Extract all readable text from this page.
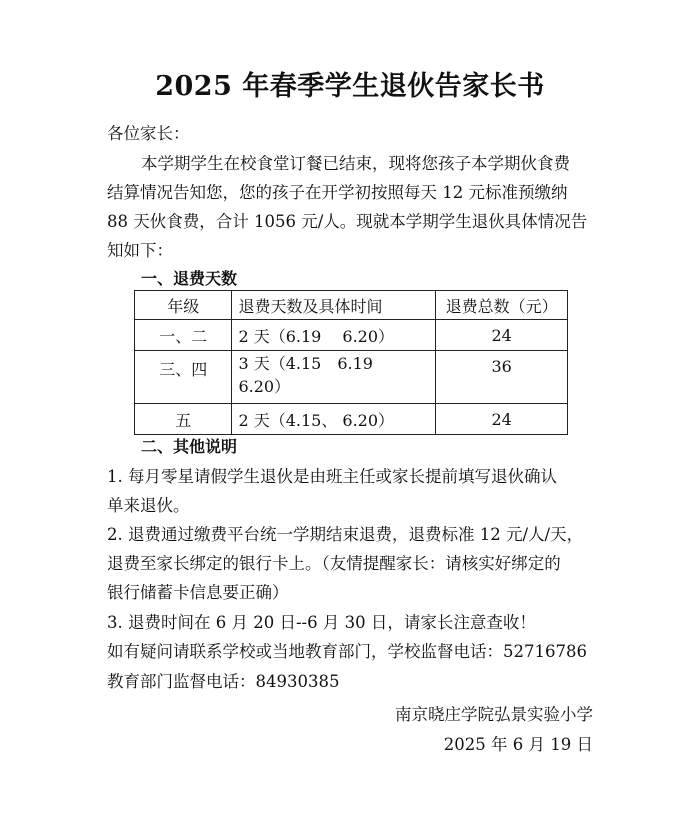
2025 年春季学生退伙告家长书
各位家长：
本学期学生在校食堂订餐已结束，现将您孩子本学期伙食费
结算情况告知您，您的孩子在开学初按照每天 12 元标准预缴纳
88 天伙食费，合计 1056 元/人。现就本学期学生退伙具体情况告
知如下：
一、退费天数
年级	退费天数及具体时间	退费总数（元）
一、二	2 天（6.19　 6.20）	24
三、四	3 天（4.15　6.19　6.20）	36
五	2 天（4.15、 6.20）	24
二、其他说明
1. 每月零星请假学生退伙是由班主任或家长提前填写退伙确认
单来退伙。
2. 退费通过缴费平台统一学期结束退费，退费标准 12 元/人/天，
退费至家长绑定的银行卡上。（友情提醒家长：请核实好绑定的
银行储蓄卡信息要正确）
3. 退费时间在 6 月 20 日--6 月 30 日，请家长注意查收！
如有疑问请联系学校或当地教育部门，学校监督电话：52716786
教育部门监督电话：84930385
南京晓庄学院弘景实验小学
2025 年 6 月 19 日
